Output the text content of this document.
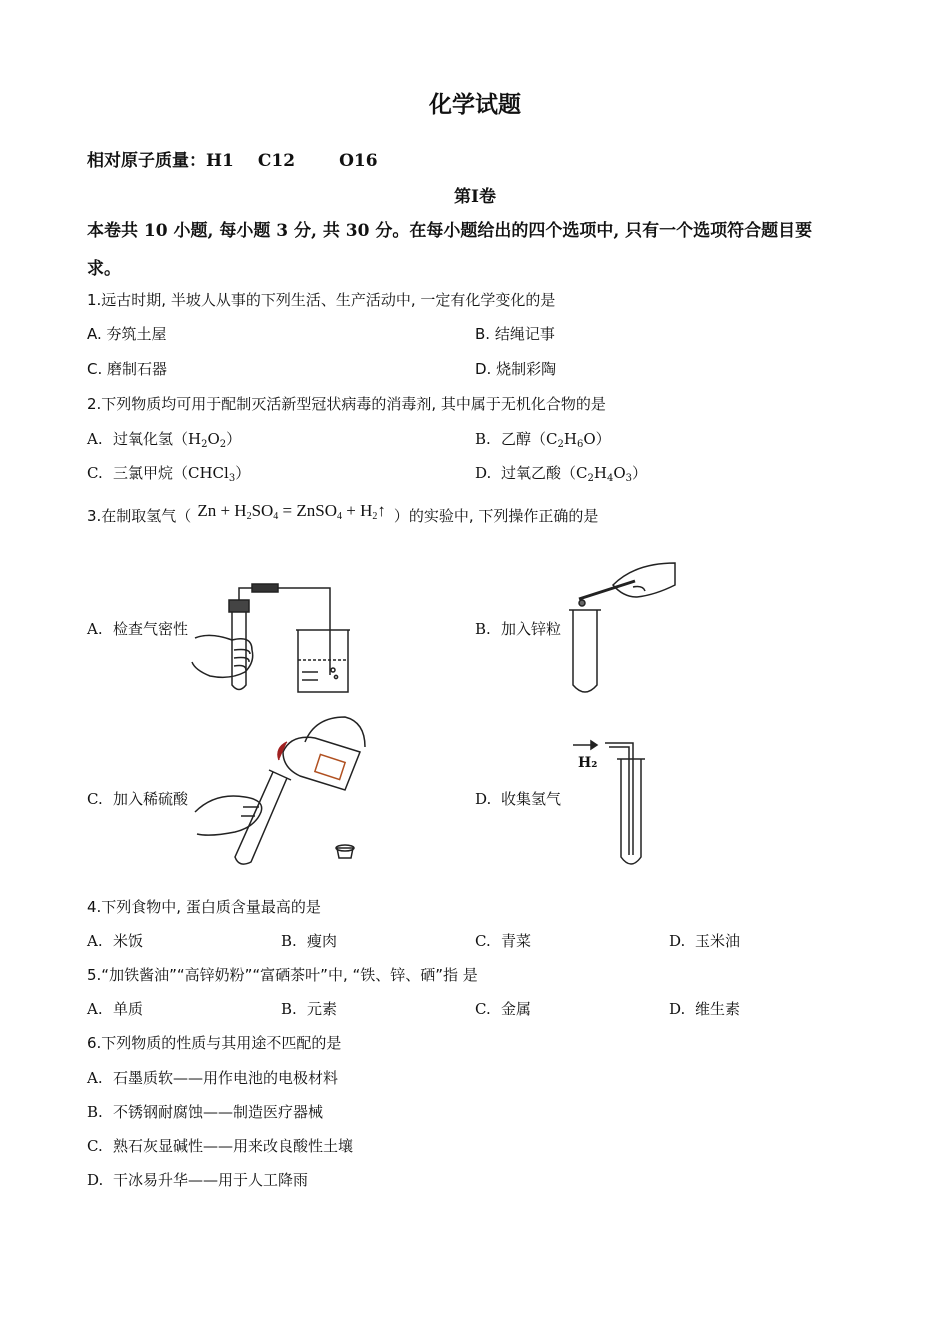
化学试题
相对原子质量：H1 C12	O16
第Ⅰ卷
本卷共 10 小题, 每小题 3 分, 共 30 分。在每小题给出的四个选项中, 只有一个选项符合题目要
求。
1.远古时期, 半坡人从事的下列生活、生产活动中, 一定有化学变化的是
A. 夯筑土屋	B. 结绳记事
C. 磨制石器	D. 烧制彩陶
2.下列物质均可用于配制灭活新型冠状病毒的消毒剂, 其中属于无机化合物的是
A. 过氧化氢$(H_2O_2)$	B. 乙醇$(C_2H_6O)$
C. 三氯甲烷（CHCl$_3$）	D. 过氧乙酸$(C_2H_4O_3)$
3.在制取氢气（ $Zn + H_2SO_4$ = ZnSO$_4$ + $H_2↑$ ）的实验中, 下列操作正确的是
A. 检查气密性	B. 加入锌粒
C. 加入稀硫酸	D. 收集氢气
H₂
4.下列食物中, 蛋白质含量最高的是
A. 米饭	B. 瘦肉	C. 青菜	D. 玉米油
5.“加铁酱油”“高锌奶粉”“富硒茶叶”中, “铁、锌、硒”指 是
A. 单质	B. 元素	C. 金属	D. 维生素
6.下列物质的性质与其用途不匹配的是
A. 石墨质软——用作电池的电极材料
B. 不锈钢耐腐蚀——制造医疗器械
C. 熟石灰显碱性——用来改良酸性土壤
D. 干冰易升华——用于人工降雨
